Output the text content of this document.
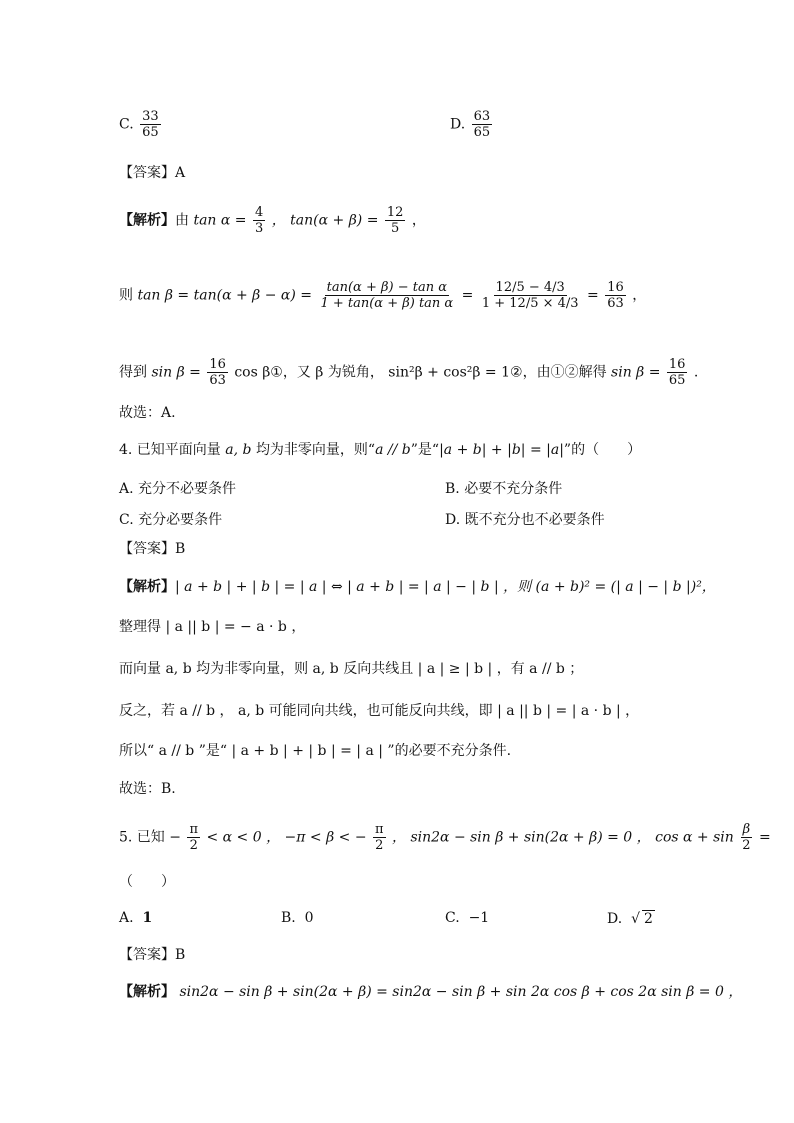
C. $\frac{33}{65}$	D. $\frac{63}{65}$
【答案】A
【解析】由 $\tan \alpha = \frac{4}{3}$ ， $\tan(\alpha + \beta) = \frac{12}{5}$ ，
则 $\tan \beta = \tan(\alpha + \beta - \alpha) = \frac{\text{tan(α + β) − tan α}}{\text{1 + tan(α + β) tan α}} = \frac{12/5 - 4/3}{1 + 12/5 \times 4/3} = \frac{16}{63}$ ，
得到 $\sin \beta = \frac{16}{63}$ cos β①，又 β 为锐角， sin²β + cos²β = 1②，由①②解得 $\sin \beta = \frac{16}{65}$ .
故选：A.
4. 已知平面向量 a, b 均为非零向量，则“a // b”是“|a + b| + |b| = |a|”的（　　）
A. 充分不必要条件	B. 必要不充分条件
C. 充分必要条件	D. 既不充分也不必要条件
【答案】B
【解析】| a + b | + | b | = | a | ⇔ | a + b | = | a | − | b | ，则 (a + b)² = (| a | − | b |)²，
整理得 | a || b | = − a · b ，
而向量 a, b 均为非零向量，则 a, b 反向共线且 | a | ≥ | b | ，有 a // b ；
反之，若 a // b ， a, b 可能同向共线，也可能反向共线，即 | a || b | = | a · b | ，
所以“ a // b ”是“ | a + b | + | b | = | a | ”的必要不充分条件.
故选：B.
5. 已知 − $\frac{\pi}{2} < \alpha < 0$ ， −π < β < − $\frac{\pi}{2}$ ， sin2α − sin β + sin(2α + β) = 0 ， $\cos \alpha + \sin \frac{\beta}{2}$ =
（　　）
A. 1	B. 0	C. −1	D. √ 2
【答案】B
【解析】 sin2α − sin β + sin(2α + β) = sin2α − sin β + sin 2α cos β + cos 2α sin β = 0 ，
